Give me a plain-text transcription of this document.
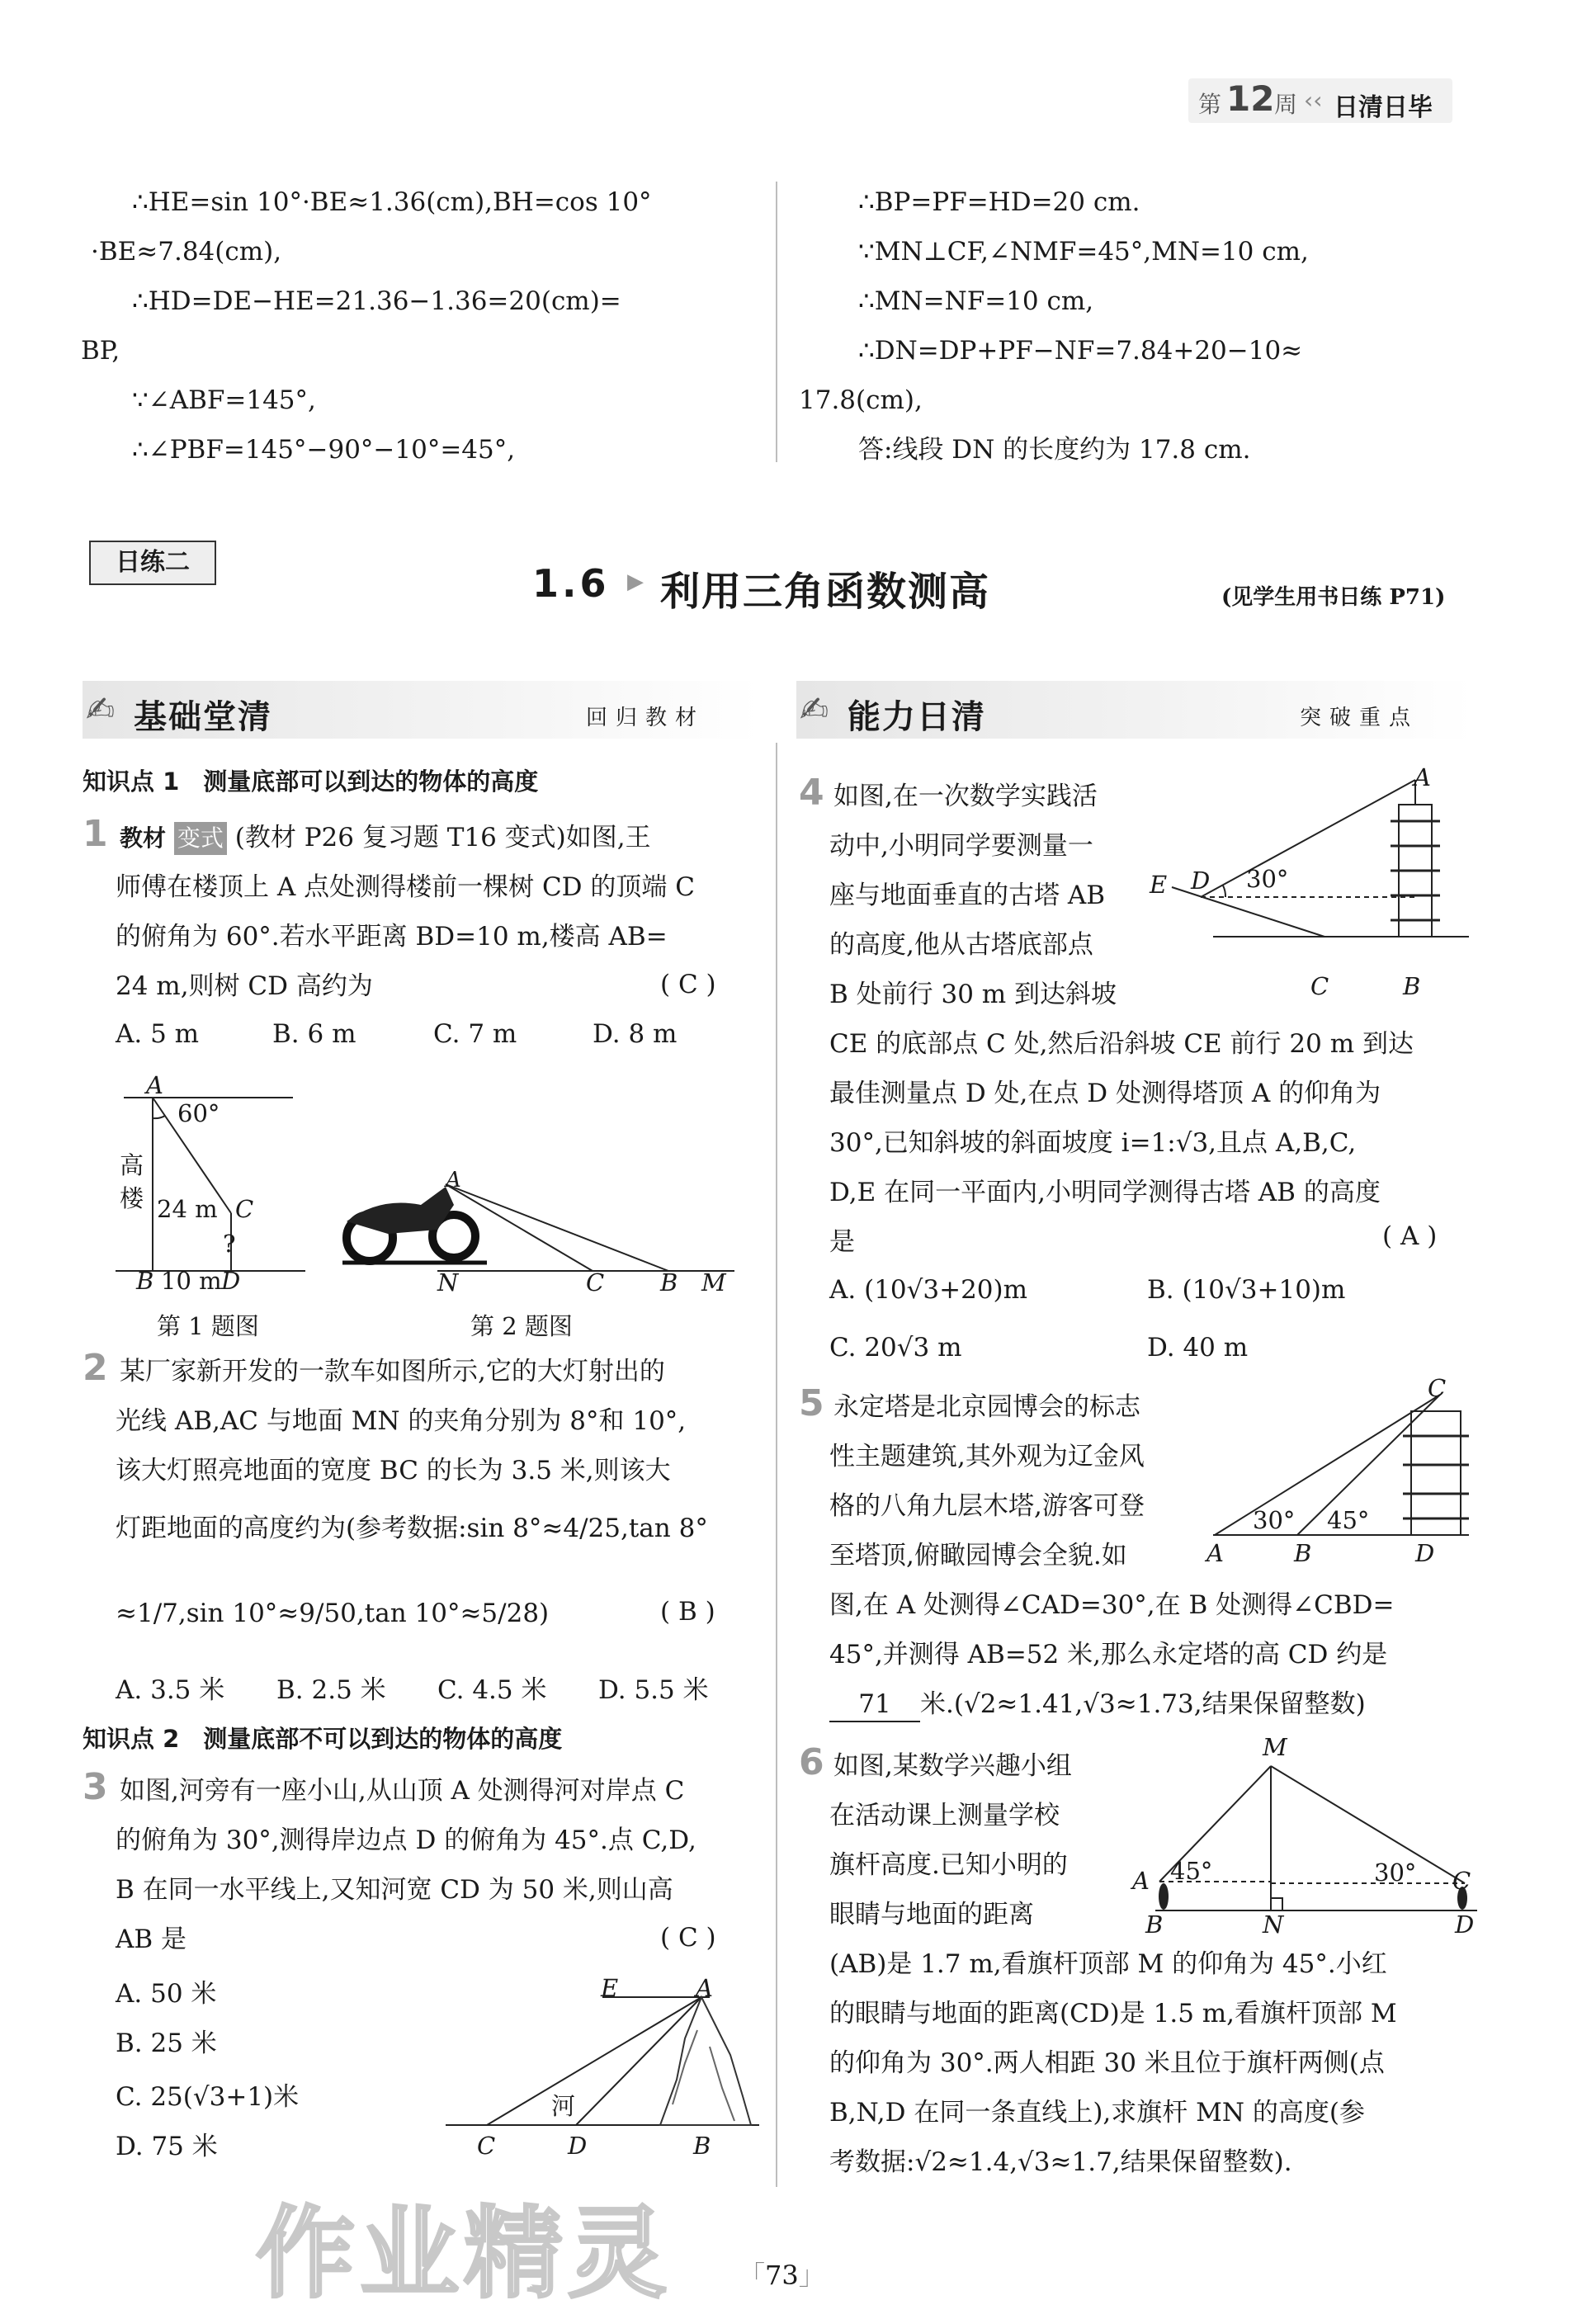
第 12 周 ‹‹ 日清日毕
∴HE=sin 10°·BE≈1.36(cm),BH=cos 10°
·BE≈7.84(cm),
∴HD=DE−HE=21.36−1.36=20(cm)=
BP,
∵∠ABF=145°,
∴∠PBF=145°−90°−10°=45°,
∴BP=PF=HD=20 cm.
∵MN⊥CF,∠NMF=45°,MN=10 cm,
∴MN=NF=10 cm,
∴DN=DP+PF−NF=7.84+20−10≈
17.8(cm),
答:线段 DN 的长度约为 17.8 cm.
日练二	1.6 ▶ 利用三角函数测高	(见学生用书日练 P71)
✍ 基础堂清	回归教材	✍ 能力日清	突破重点
知识点 1　测量底部可以到达的物体的高度
1 教材 变式 (教材 P26 复习题 T16 变式)如图,王
师傅在楼顶上 A 点处测得楼前一棵树 CD 的顶端 C
的俯角为 60°.若水平距离 BD=10 m,楼高 AB=
24 m,则树 CD 高约为	( C )
A. 5 m	B. 6 m	C. 7 m	D. 8 m
A
60°
高
楼 24 m C
?
B 10 m D
第 1 题图
A
N	C B M
第 2 题图
2 某厂家新开发的一款车如图所示,它的大灯射出的
光线 AB,AC 与地面 MN 的夹角分别为 8°和 10°,
该大灯照亮地面的宽度 BC 的长为 3.5 米,则该大
灯距地面的高度约为(参考数据:sin 8°≈4/25,tan 8°
≈1/7,sin 10°≈9/50,tan 10°≈5/28)	( B )
A. 3.5 米 B. 2.5 米 C. 4.5 米 D. 5.5 米
知识点 2　测量底部不可以到达的物体的高度
3 如图,河旁有一座小山,从山顶 A 处测得河对岸点 C
的俯角为 30°,测得岸边点 D 的俯角为 45°.点 C,D,
B 在同一水平线上,又知河宽 CD 为 50 米,则山高
AB 是	( C )
A. 50 米
B. 25 米
C. 25(√3+1)米
D. 75 米
E	A
河
C	D	B
4 如图,在一次数学实践活
动中,小明同学要测量一
座与地面垂直的古塔 AB
的高度,他从古塔底部点
B 处前行 30 m 到达斜坡
CE 的底部点 C 处,然后沿斜坡 CE 前行 20 m 到达
最佳测量点 D 处,在点 D 处测得塔顶 A 的仰角为
30°,已知斜坡的斜面坡度 i=1:√3,且点 A,B,C,
D,E 在同一平面内,小明同学测得古塔 AB 的高度
是	( A )
A. (10√3+20)m	B. (10√3+10)m
C. 20√3 m	D. 40 m
A
E D 30°
C	B
5 永定塔是北京园博会的标志
性主题建筑,其外观为辽金风
格的八角九层木塔,游客可登
至塔顶,俯瞰园博会全貌.如
图,在 A 处测得∠CAD=30°,在 B 处测得∠CBD=
45°,并测得 AB=52 米,那么永定塔的高 CD 约是
71 米.(√2≈1.41,√3≈1.73,结果保留整数)
C
30° 45°
A	B	D
6 如图,某数学兴趣小组
在活动课上测量学校
旗杆高度.已知小明的
眼睛与地面的距离
(AB)是 1.7 m,看旗杆顶部 M 的仰角为 45°.小红
的眼睛与地面的距离(CD)是 1.5 m,看旗杆顶部 M
的仰角为 30°.两人相距 30 米且位于旗杆两侧(点
B,N,D 在同一条直线上),求旗杆 MN 的高度(参
考数据:√2≈1.4,√3≈1.7,结果保留整数).
M
A 45°	30° C
B	N	D
作业精灵	「73」
